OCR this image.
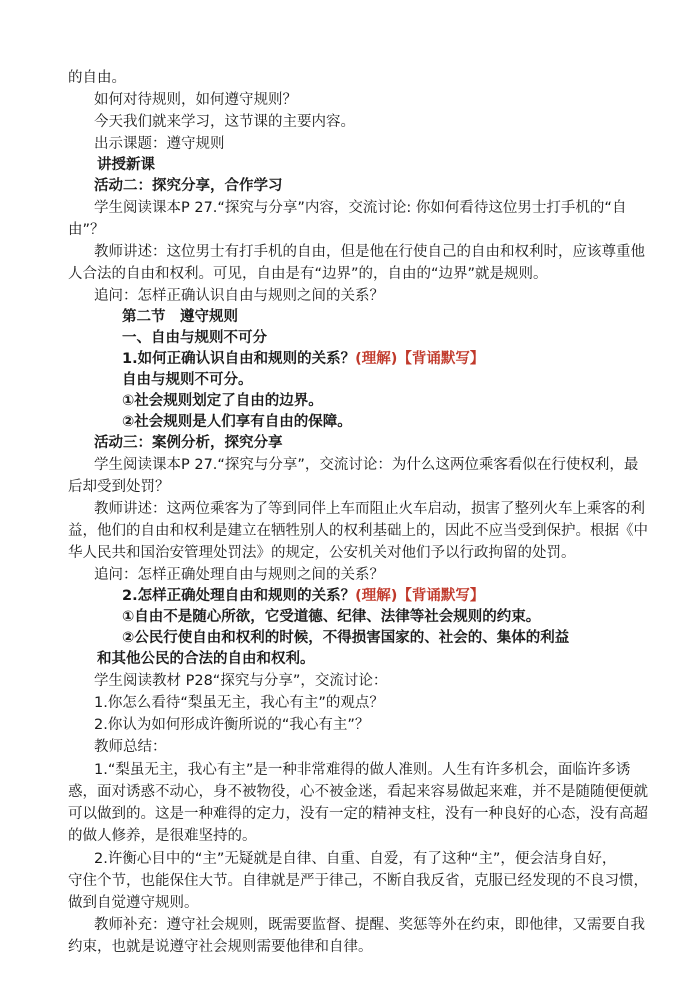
的自由。

如何对待规则，如何遵守规则？

今天我们就来学习，这节课的主要内容。

出示课题：遵守规则

讲授新课

活动二：探究分享，合作学习

学生阅读课本P 27.“探究与分享”内容，交流讨论: 你如何看待这位男士打手机的“自

由”？

教师讲述：这位男士有打手机的自由，但是他在行使自己的自由和权利时，应该尊重他

人合法的自由和权利。可见，自由是有“边界”的，自由的“边界”就是规则。

追问：怎样正确认识自由与规则之间的关系？

第二节　遵守规则

一、自由与规则不可分

1.如何正确认识自由和规则的关系？(理解)【背诵默写】

自由与规则不可分。

①社会规则划定了自由的边界。

②社会规则是人们享有自由的保障。

活动三：案例分析，探究分享

学生阅读课本P 27.“探究与分享”，交流讨论：为什么这两位乘客看似在行使权利，最

后却受到处罚？

教师讲述：这两位乘客为了等到同伴上车而阻止火车启动，损害了整列火车上乘客的利

益，他们的自由和权利是建立在牺牲别人的权利基础上的，因此不应当受到保护。根据《中

华人民共和国治安管理处罚法》的规定，公安机关对他们予以行政拘留的处罚。

追问：怎样正确处理自由与规则之间的关系？

2.怎样正确处理自由和规则的关系？(理解)【背诵默写】

①自由不是随心所欲，它受道德、纪律、法律等社会规则的约束。

②公民行使自由和权利的时候，不得损害国家的、社会的、集体的利益

和其他公民的合法的自由和权利。

学生阅读教材 P28“探究与分享”，交流讨论：

1.你怎么看待“梨虽无主，我心有主”的观点？

2.你认为如何形成许衡所说的“我心有主”？

教师总结：

1.“梨虽无主，我心有主”是一种非常难得的做人准则。人生有许多机会，面临许多诱

惑，面对诱惑不动心，身不被物役，心不被金迷，看起来容易做起来难，并不是随随便便就

可以做到的。这是一种难得的定力，没有一定的精神支柱，没有一种良好的心态，没有高超

的做人修养，是很难坚持的。

2.许衡心目中的“主”无疑就是自律、自重、自爱，有了这种“主”，便会洁身自好，

守住个节，也能保住大节。自律就是严于律己，不断自我反省，克服已经发现的不良习惯，

做到自觉遵守规则。

教师补充：遵守社会规则，既需要监督、提醒、奖惩等外在约束，即他律，又需要自我

约束，也就是说遵守社会规则需要他律和自律。
